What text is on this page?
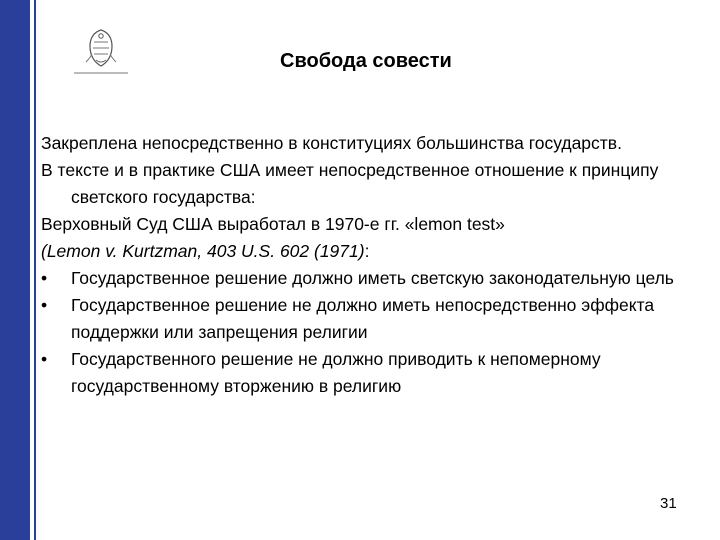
Свобода совести

Закреплена непосредственно в конституциях большинства государств.

В тексте и в практике США имеет непосредственное отношение к принципу светского государства:

Верховный Суд США выработал в 1970-е гг. «lemon test»

(Lemon v. Kurtzman, 403 U.S. 602 (1971):

•	Государственное решение должно иметь светскую законодательную цель
•	Государственное решение не должно иметь непосредственно эффекта поддержки или запрещения религии
•	Государственного решение не должно приводить к непомерному государственному вторжению в религию
31
